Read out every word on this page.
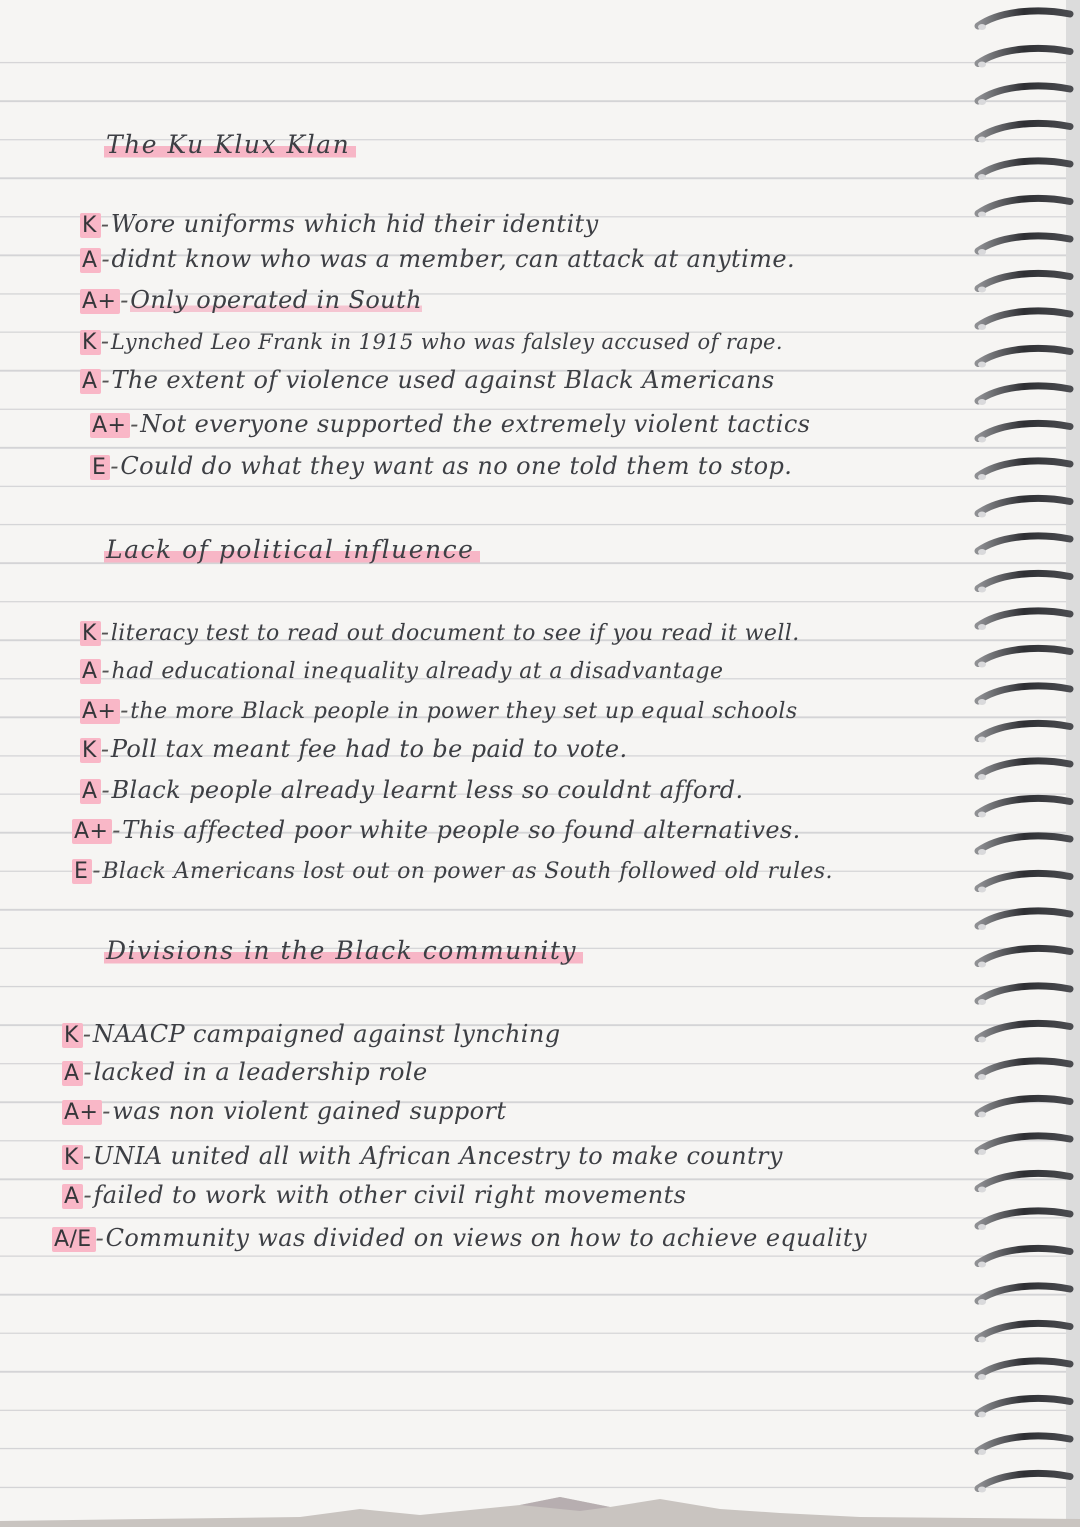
The Ku Klux Klan
K -Wore uniforms which hid their identity
A -didnt know who was a member, can attack at anytime.
A+ -Only operated in South
K -Lynched Leo Frank in 1915 who was falsley accused of rape.
A -The extent of violence used against Black Americans
A+ -Not everyone supported the extremely violent tactics
E -Could do what they want as no one told them to stop.
Lack of political influence
K -literacy test to read out document to see if you read it well.
A -had educational inequality already at a disadvantage
A+ -the more Black people in power they set up equal schools
K -Poll tax meant fee had to be paid to vote.
A -Black people already learnt less so couldnt afford.
A+ -This affected poor white people so found alternatives.
E -Black Americans lost out on power as South followed old rules.
Divisions in the Black community
K -NAACP campaigned against lynching
A -lacked in a leadership role
A+ -was non violent gained support
K -UNIA united all with African Ancestry to make country
A -failed to work with other civil right movements
A/E -Community was divided on views on how to achieve equality
